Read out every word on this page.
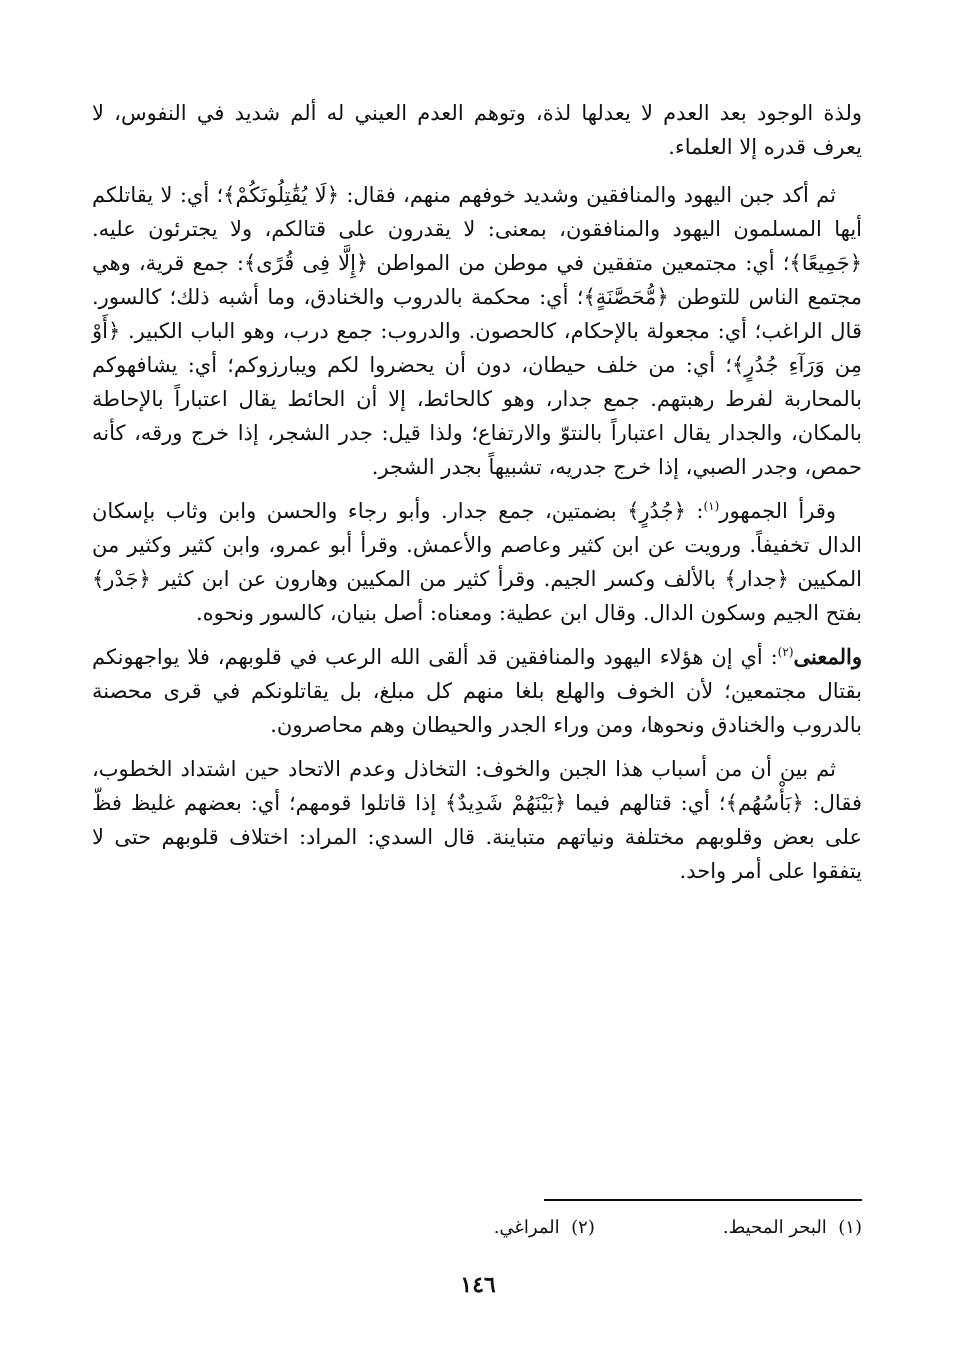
ولذة الوجود بعد العدم لا يعدلها لذة، وتوهم العدم العيني له ألم شديد في النفوس، لا يعرف قدره إلا العلماء.

ثم أكد جبن اليهود والمنافقين وشديد خوفهم منهم، فقال: ﴿لَا يُقَٰتِلُونَكُمْ﴾؛ أي: لا يقاتلكم أيها المسلمون اليهود والمنافقون، بمعنى: لا يقدرون على قتالكم، ولا يجترئون عليه. ﴿جَمِيعًا﴾؛ أي: مجتمعين متفقين في موطن من المواطن ﴿إِلَّا فِى قُرًى﴾: جمع قرية، وهي مجتمع الناس للتوطن ﴿مُّحَصَّنَةٍ﴾؛ أي: محكمة بالدروب والخنادق، وما أشبه ذلك؛ كالسور. قال الراغب؛ أي: مجعولة بالإحكام، كالحصون. والدروب: جمع درب، وهو الباب الكبير. ﴿أَوْ مِن وَرَآءِ جُدُرٍ﴾؛ أي: من خلف حيطان، دون أن يحضروا لكم ويبارزوكم؛ أي: يشافهوكم بالمحاربة لفرط رهبتهم. جمع جدار، وهو كالحائط، إلا أن الحائط يقال اعتباراً بالإحاطة بالمكان، والجدار يقال اعتباراً بالنتوّ والارتفاع؛ ولذا قيل: جدر الشجر، إذا خرج ورقه، كأنه حمص، وجدر الصبي، إذا خرج جدريه، تشبيهاً بجدر الشجر.

وقرأ الجمهور$^{(١)}$: ﴿جُدُرٍ﴾ بضمتين، جمع جدار. وأبو رجاء والحسن وابن وثاب بإسكان الدال تخفيفاً. ورويت عن ابن كثير وعاصم والأعمش. وقرأ أبو عمرو، وابن كثير وكثير من المكيين ﴿جدار﴾ بالألف وكسر الجيم. وقرأ كثير من المكيين وهارون عن ابن كثير ﴿جَدْر﴾ بفتح الجيم وسكون الدال. وقال ابن عطية: ومعناه: أصل بنيان، كالسور ونحوه.

والمعنى$^{(٢)}$: أي إن هؤلاء اليهود والمنافقين قد ألقى الله الرعب في قلوبهم، فلا يواجهونكم بقتال مجتمعين؛ لأن الخوف والهلع بلغا منهم كل مبلغ، بل يقاتلونكم في قرى محصنة بالدروب والخنادق ونحوها، ومن وراء الجدر والحيطان وهم محاصرون.

ثم بين أن من أسباب هذا الجبن والخوف: التخاذل وعدم الاتحاد حين اشتداد الخطوب، فقال: ﴿بَأْسُهُم﴾؛ أي: قتالهم فيما ﴿بَيْنَهُمْ شَدِيدٌ﴾ إذا قاتلوا قومهم؛ أي: بعضهم غليظ فظّ على بعض وقلوبهم مختلفة ونياتهم متباينة. قال السدي: المراد: اختلاف قلوبهم حتى لا يتفقوا على أمر واحد.

(١)  البحر المحيط.
(٢)  المراغي.
١٤٦
